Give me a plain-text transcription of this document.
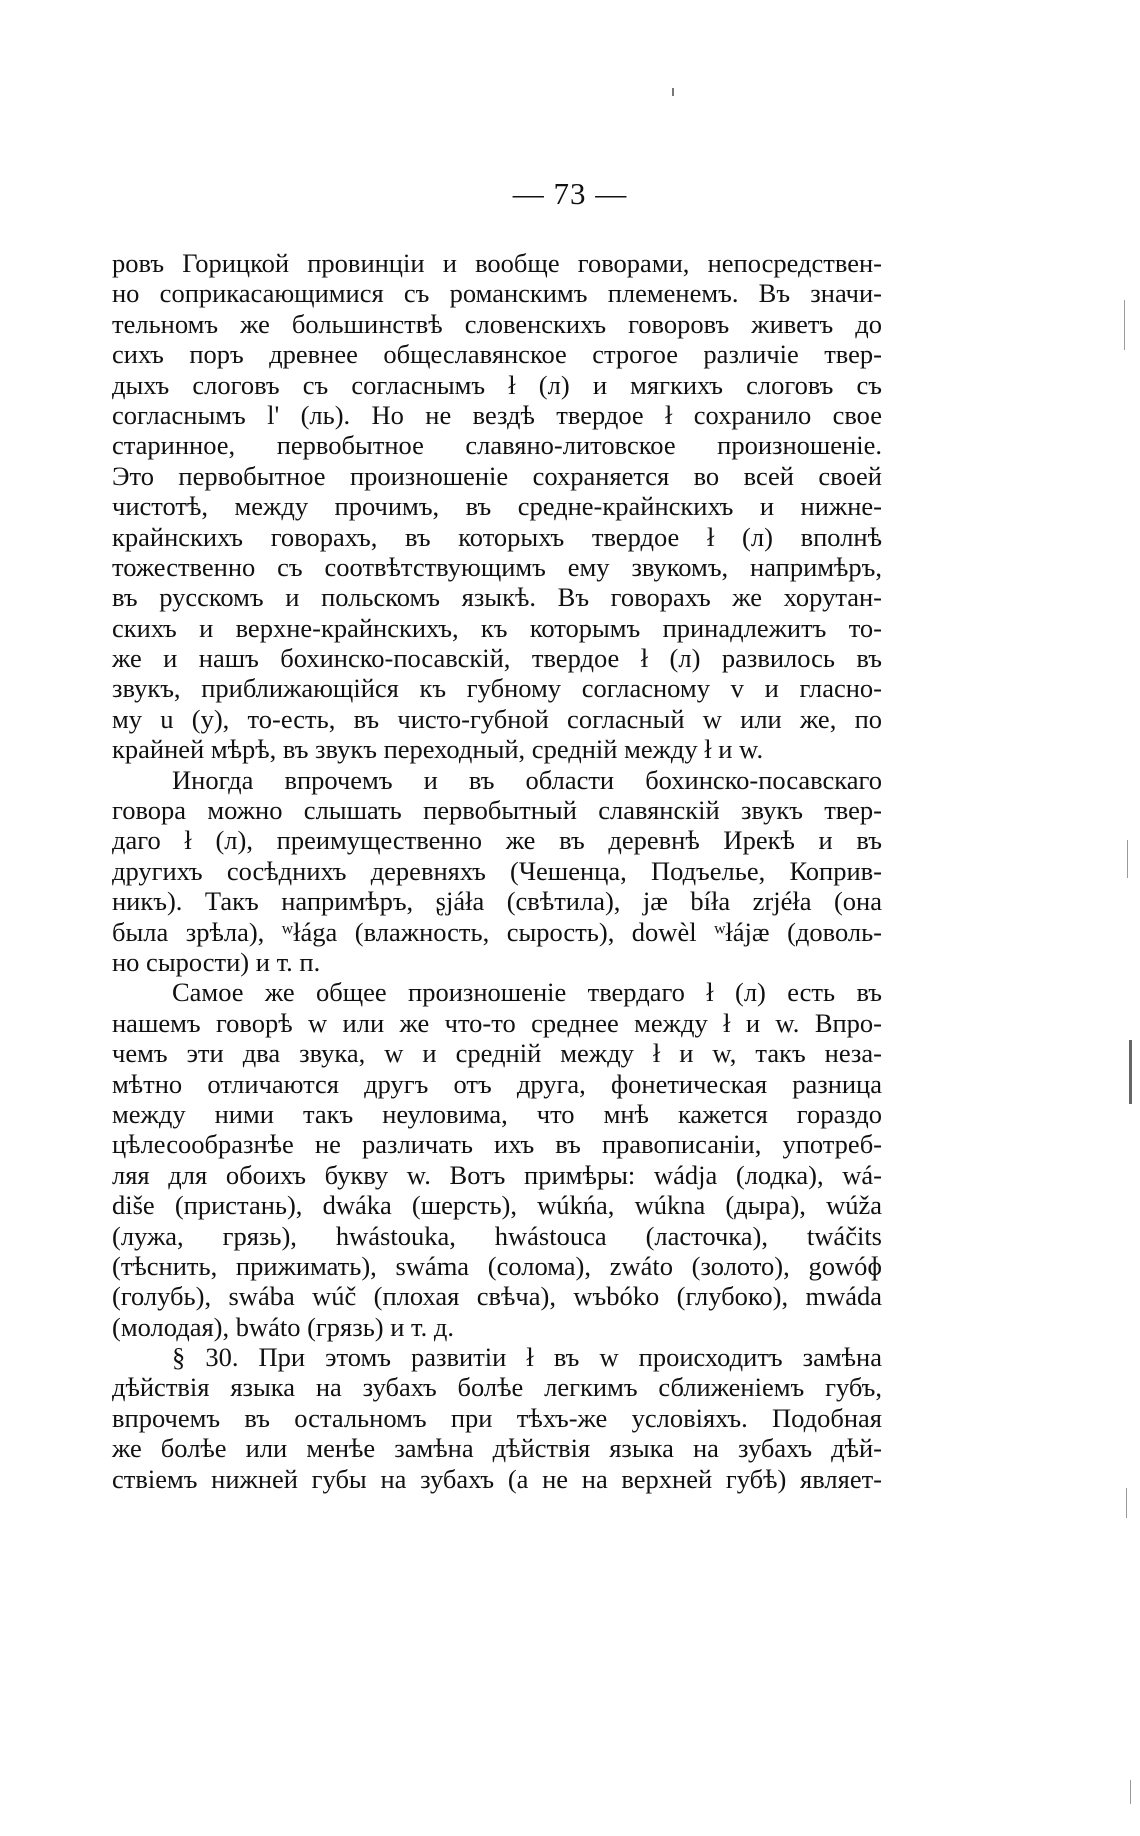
— 73 —
ровъ Горицкой провинціи и вообще говорами, непосредствен-
но соприкасающимися съ романскимъ племенемъ. Въ значи-
тельномъ же большинствѣ словенскихъ говоровъ живетъ до
сихъ поръ древнее общеславянское строгое различіе твер-
дыхъ слоговъ съ согласнымъ ł (л) и мягкихъ слоговъ съ
согласнымъ l' (ль). Но не вездѣ твердое ł сохранило свое
старинное, первобытное славяно-литовское произношеніе.
Это первобытное произношеніе сохраняется во всей своей
чистотѣ, между прочимъ, въ средне-крайнскихъ и нижне-
крайнскихъ говорахъ, въ которыхъ твердое ł (л) вполнѣ
тожественно съ соотвѣтствующимъ ему звукомъ, напримѣръ,
въ русскомъ и польскомъ языкѣ. Въ говорахъ же хорутан-
скихъ и верхне-крайнскихъ, къ которымъ принадлежитъ то-
же и нашъ бохинско-посавскій, твердое ł (л) развилось въ
звукъ, приближающійся къ губному согласному v и гласно-
му u (у), то-есть, въ чисто-губной согласный w или же, по
крайней мѣрѣ, въ звукъ переходный, средній между ł и w.
Иногда впрочемъ и въ области бохинско-посавскаго
говора можно слышать первобытный славянскій звукъ твер-
даго ł (л), преимущественно же въ деревнѣ Ирекѣ и въ
другихъ сосѣднихъ деревняхъ (Чешенца, Подъелье, Коприв-
никъ). Такъ напримѣръ, ʂjáła (свѣтила), jæ bíła zrjéła (она
была зрѣла), ʷłága (влажность, сырость), dowèl ʷłájæ (доволь-
но сырости) и т. п.
Самое же общее произношеніе твердаго ł (л) есть въ
нашемъ говорѣ w или же что-то среднее между ł и w. Впро-
чемъ эти два звука, w и средній между ł и w, такъ неза-
мѣтно отличаются другъ отъ друга, фонетическая разница
между ними такъ неуловима, что мнѣ кажется гораздо
цѣлесообразнѣе не различать ихъ въ правописаніи, употреб-
ляя для обоихъ букву w. Вотъ примѣры: wádja (лодка), wá-
diše (пристань), dwáka (шерсть), wúkńa, wúkna (дыра), wúža
(лужа, грязь), hwástouka, hwástouca (ласточка), twáčits
(тѣснить, прижимать), swáma (солома), zwáto (золото), gowóɸ
(голубь), swába wúč (плохая свѣча), wъbóko (глубоко), mwáda
(молодая), bwáto (грязь) и т. д.
§ 30. При этомъ развитіи ł въ w происходитъ замѣна
дѣйствія языка на зубахъ болѣе легкимъ сближеніемъ губъ,
впрочемъ въ остальномъ при тѣхъ-же условіяхъ. Подобная
же болѣе или менѣе замѣна дѣйствія языка на зубахъ дѣй-
ствіемъ нижней губы на зубахъ (а не на верхней губѣ) являет-
